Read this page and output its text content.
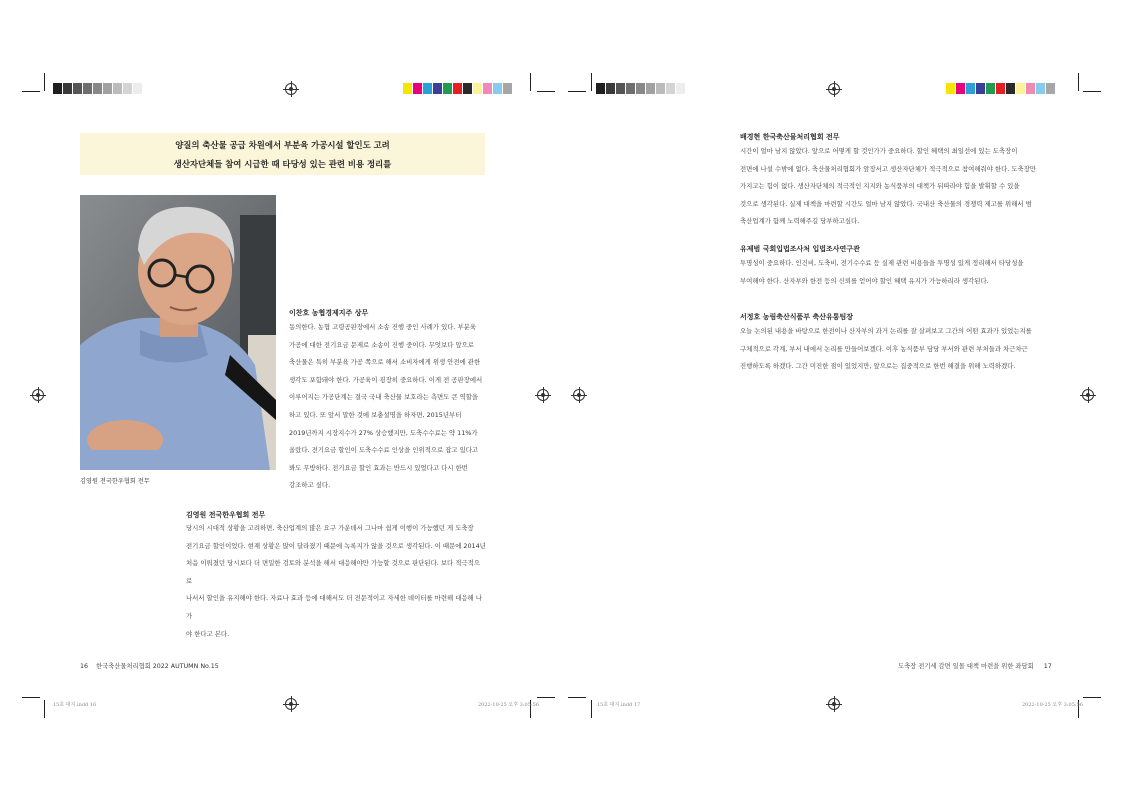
양질의 축산물 공급 차원에서 부분육 가공시설 할인도 고려

생산자단체들 참여 시급한 때 타당성 있는 관련 비용 정리를

김영원 전국한우협회 전무
이찬호 농협경제지주 상무

동의한다. 농협 고령공판장에서 소송 진행 중인 사례가 있다. 부분육

가공에 대한 전기요금 문제로 소송이 진행 중이다. 무엇보다 앞으로

축산물은 특히 부분육 가공 쪽으로 해서 소비자에게 위생 안전에 관한

생각도 포함돼야 한다. 가공육이 굉장히 중요하다. 이게 전 공판장에서

이루어지는 가공단계는 결국 국내 축산물 보호라는 측면도 큰 역할을

하고 있다. 또 앞서 말한 것에 보충설명을 하자면, 2015년부터

2019년까지 시장지수가 27% 상승했지만, 도축수수료는 약 11%가

올랐다. 전기요금 할인이 도축수수료 인상을 인위적으로 잡고 있다고

봐도 무방하다. 전기요금 할인 효과는 반드시 있었다고 다시 한번

강조하고 싶다.

김영원 전국한우협회 전무

당시의 시대적 상황을 고려하면, 축산업계의 많은 요구 가운데서 그나마 쉽게 이행이 가능했던 게 도축장

전기요금 할인이었다. 현재 상황은 많이 달라졌기 때문에 녹록지가 않을 것으로 생각된다. 이 때문에 2014년

처음 이뤄졌던 당시보다 더 면밀한 검토와 분석을 해서 대응해야만 가능할 것으로 판단된다. 보다 적극적으로

나서서 할인을 유지해야 한다. 자료나 효과 등에 대해서도 더 전문적이고 자세한 데이터를 마련해 대응해 나가

야 한다고 본다.

16 한국축산물처리협회 2022 AUTUMN No.15
배경현 한국축산물처리협회 전무

시간이 얼마 남지 않았다. 앞으로 어떻게 할 것인가가 중요하다. 할인 혜택의 최일선에 있는 도축장이

전면에 나설 수밖에 없다. 축산물처리협회가 앞장서고 생산자단체가 적극적으로 참여해줘야 한다. 도축장만

가지고는 힘이 없다. 생산자단체의 적극적인 지지와 농식품부의 대책가 뒤따라야 힘을 발휘할 수 있을

것으로 생각된다. 실제 대책을 마련할 시간도 얼마 남지 않았다. 국내산 축산물의 경쟁력 제고를 위해서 범

축산업계가 함께 노력해주길 당부하고싶다.

유제범 국회입법조사처 입법조사연구관

투명성이 중요하다. 인건비, 도축비, 전기수수료 등 실제 관련 비용들을 투명성 있게 정리해서 타당성을

부여해야 한다. 산자부와 한전 등의 신뢰를 얻어야 할인 혜택 유지가 가능하리라 생각된다.

서정호 농림축산식품부 축산유통팀장

오늘 논의된 내용을 바탕으로 한전이나 산자부의 과거 논리를 잘 살펴보고 그간의 어떤 효과가 있었는지를

구체적으로 각계, 부서 내에서 논리를 만들어보겠다. 이후 농식품부 담당 부서와 관련 부처들과 차근차근

진행하도록 하겠다. 그간 미진한 점이 있었지만, 앞으로는 집중적으로 한번 해결을 위해 노력하겠다.

도축장 전기세 감면 일몰 대책 마련을 위한 좌담회 17
15호 대지.indd 16	2022-10-25 오후 3:05:56	15호 대지.indd 17	2022-10-25 오후 3:05:56
